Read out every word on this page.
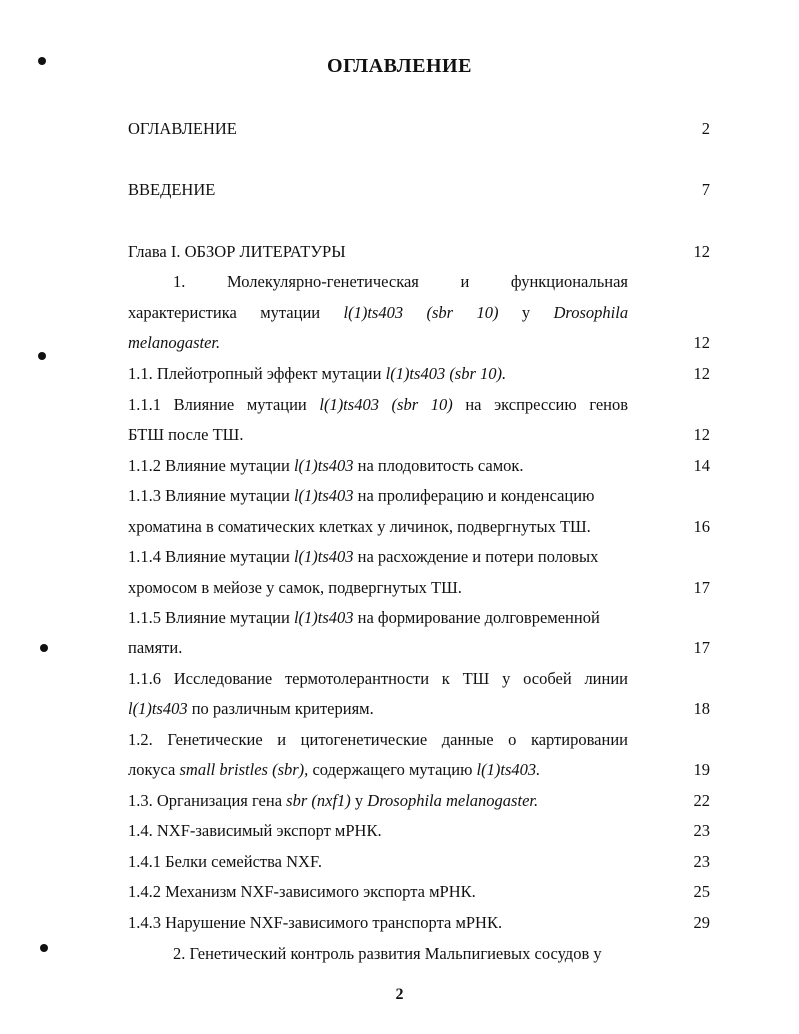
ОГЛАВЛЕНИЕ
ОГЛАВЛЕНИЕ	2
ВВЕДЕНИЕ	7
Глава I. ОБЗОР ЛИТЕРАТУРЫ	12
1.	Молекулярно-генетическая	и	функциональная
характеристика мутации l(1)ts403 (sbr 10) у Drosophila
melanogaster.	12
1.1. Плейотропный эффект мутации l(1)ts403 (sbr 10).	12
1.1.1 Влияние мутации l(1)ts403 (sbr 10) на экспрессию генов
БТШ после ТШ.	12
1.1.2 Влияние мутации l(1)ts403 на плодовитость самок.	14
1.1.3 Влияние мутации l(1)ts403 на пролиферацию и конденсацию
хроматина в соматических клетках у личинок, подвергнутых ТШ.	16
1.1.4 Влияние мутации l(1)ts403 на расхождение и потери половых
хромосом в мейозе у самок, подвергнутых ТШ.	17
1.1.5 Влияние мутации l(1)ts403 на формирование долговременной
памяти.	17
1.1.6 Исследование термотолерантности к ТШ у особей линии
l(1)ts403 по различным критериям.	18
1.2. Генетические и цитогенетические данные о картировании
локуса small bristles (sbr), содержащего мутацию l(1)ts403.	19
1.3. Организация гена sbr (nxf1) у Drosophila melanogaster.	22
1.4. NXF-зависимый экспорт мРНК.	23
1.4.1 Белки семейства NXF.	23
1.4.2 Механизм NXF-зависимого экспорта мРНК.	25
1.4.3 Нарушение NXF-зависимого транспорта мРНК.	29
2. Генетический контроль развития Мальпигиевых сосудов у
2
